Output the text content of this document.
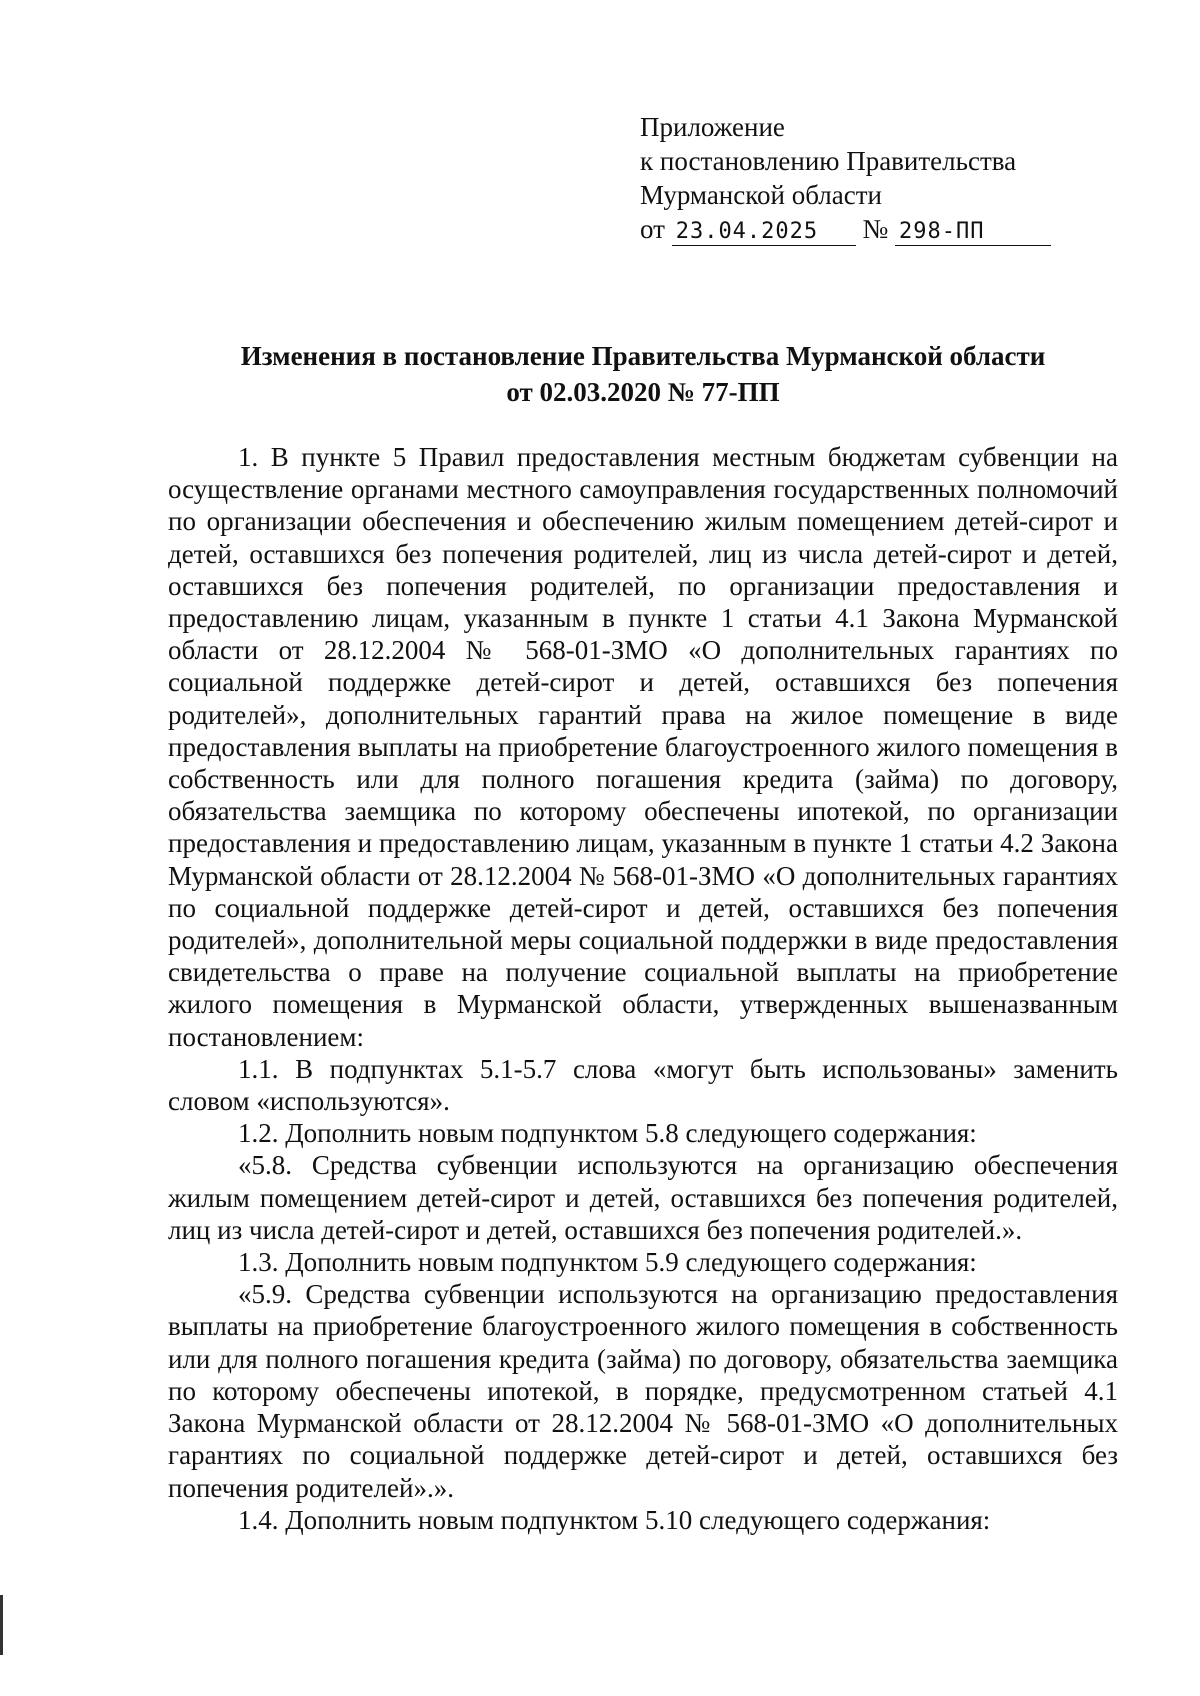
Приложение
к постановлению Правительства
Мурманской области
от 23.04.2025 № 298-ПП
Изменения в постановление Правительства Мурманской области
от 02.03.2020 № 77-ПП

1. В пункте 5 Правил предоставления местным бюджетам субвенции на осуществление органами местного самоуправления государственных полномочий по организации обеспечения и обеспечению жилым помещением детей-сирот и детей, оставшихся без попечения родителей, лиц из числа детей-сирот и детей, оставшихся без попечения родителей, по организации предоставления и предоставлению лицам, указанным в пункте 1 статьи 4.1 Закона Мурманской области от 28.12.2004 № 568-01-ЗМО «О дополнительных гарантиях по социальной поддержке детей-сирот и детей, оставшихся без попечения родителей», дополнительных гарантий права на жилое помещение в виде предоставления выплаты на приобретение благоустроенного жилого помещения в собственность или для полного погашения кредита (займа) по договору, обязательства заемщика по которому обеспечены ипотекой, по организации предоставления и предоставлению лицам, указанным в пункте 1 статьи 4.2 Закона Мурманской области от 28.12.2004 № 568-01-ЗМО «О дополнительных гарантиях по социальной поддержке детей-сирот и детей, оставшихся без попечения родителей», дополнительной меры социальной поддержки в виде предоставления свидетельства о праве на получение социальной выплаты на приобретение жилого помещения в Мурманской области, утвержденных вышеназванным постановлением:

1.1. В подпунктах 5.1-5.7 слова «могут быть использованы» заменить словом «используются».

1.2. Дополнить новым подпунктом 5.8 следующего содержания:

«5.8. Средства субвенции используются на организацию обеспечения жилым помещением детей-сирот и детей, оставшихся без попечения родителей, лиц из числа детей-сирот и детей, оставшихся без попечения родителей.».

1.3. Дополнить новым подпунктом 5.9 следующего содержания:

«5.9. Средства субвенции используются на организацию предоставления выплаты на приобретение благоустроенного жилого помещения в собственность или для полного погашения кредита (займа) по договору, обязательства заемщика по которому обеспечены ипотекой, в порядке, предусмотренном статьей 4.1 Закона Мурманской области от 28.12.2004 № 568-01-ЗМО «О дополнительных гарантиях по социальной поддержке детей-сирот и детей, оставшихся без попечения родителей».».

1.4. Дополнить новым подпунктом 5.10 следующего содержания:
